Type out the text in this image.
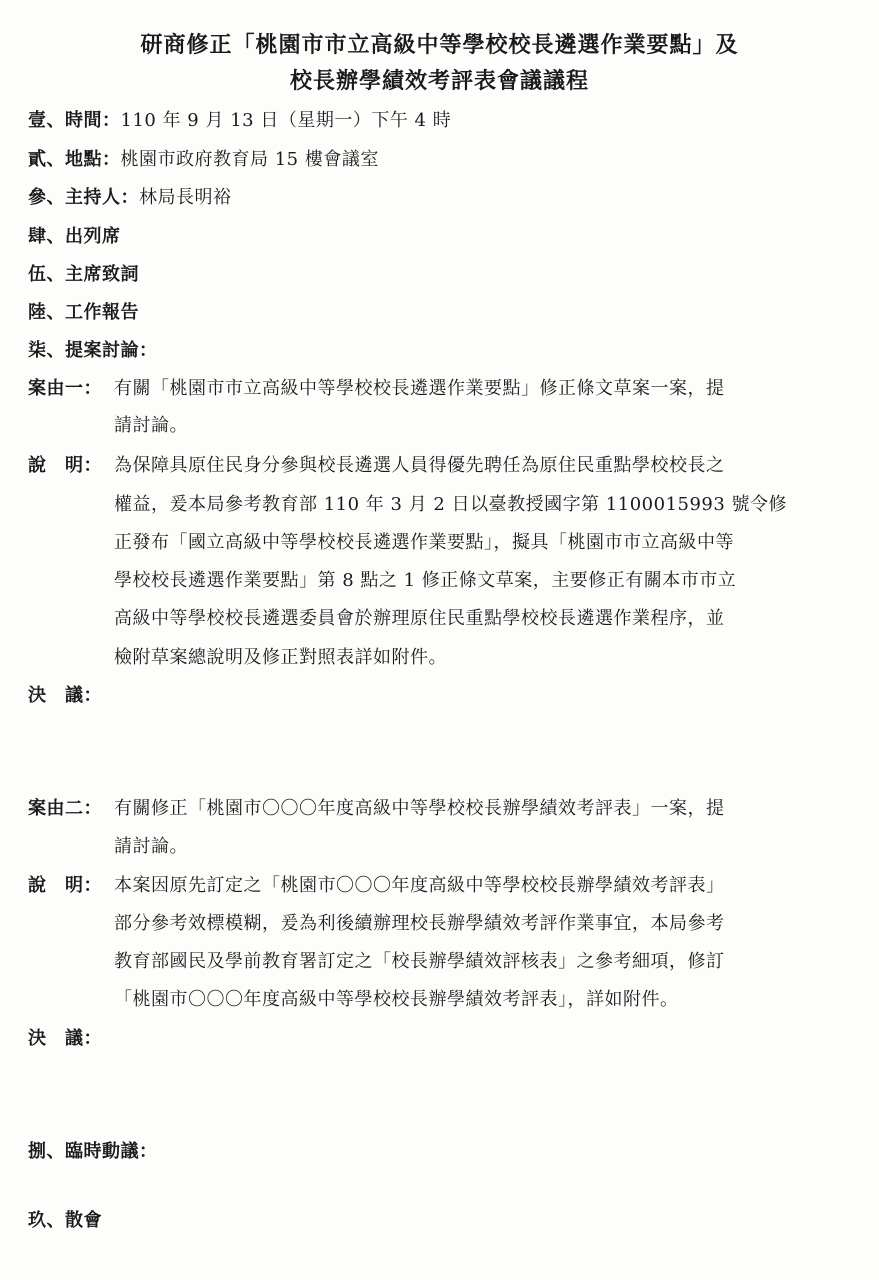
研商修正「桃園市市立高級中等學校校長遴選作業要點」及
校長辦學績效考評表會議議程
壹、時間：110 年 9 月 13 日（星期一）下午 4 時
貳、地點：桃園市政府教育局 15 樓會議室
參、主持人：林局長明裕
肆、出列席
伍、主席致詞
陸、工作報告
柒、提案討論：
案由一： 有關「桃園市市立高級中等學校校長遴選作業要點」修正條文草案一案，提
請討論。
說　明： 為保障具原住民身分參與校長遴選人員得優先聘任為原住民重點學校校長之
權益，爰本局參考教育部 110 年 3 月 2 日以臺教授國字第 1100015993 號令修
正發布「國立高級中等學校校長遴選作業要點」，擬具「桃園市市立高級中等
學校校長遴選作業要點」第 8 點之 1 修正條文草案，主要修正有關本市市立
高級中等學校校長遴選委員會於辦理原住民重點學校校長遴選作業程序，並
檢附草案總說明及修正對照表詳如附件。
決　議：
案由二： 有關修正「桃園市〇〇〇年度高級中等學校校長辦學績效考評表」一案，提
請討論。
說　明： 本案因原先訂定之「桃園市〇〇〇年度高級中等學校校長辦學績效考評表」
部分參考效標模糊，爰為利後續辦理校長辦學績效考評作業事宜，本局參考
教育部國民及學前教育署訂定之「校長辦學績效評核表」之參考細項，修訂
「桃園市〇〇〇年度高級中等學校校長辦學績效考評表」，詳如附件。
決　議：
捌、臨時動議：
玖、散會
